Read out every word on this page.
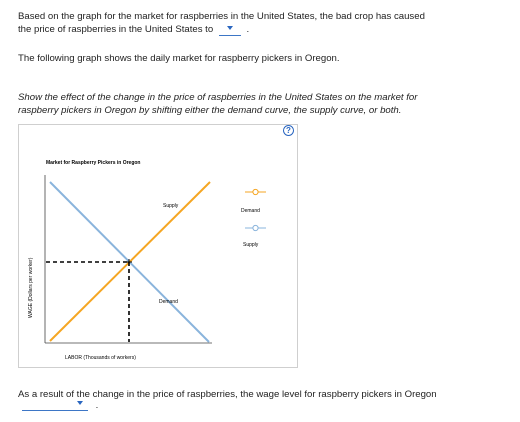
Based on the graph for the market for raspberries in the United States, the bad crop has caused
the price of raspberries in the United States to	.
The following graph shows the daily market for raspberry pickers in Oregon.
Show the effect of the change in the price of raspberries in the United States on the market for
raspberry pickers in Oregon by shifting either the demand curve, the supply curve, or both.
?
Market for Raspberry Pickers in Oregon
WAGE (Dollars per worker)
LABOR (Thousands of workers)
Supply
Demand
Demand
Supply
As a result of the change in the price of raspberries, the wage level for raspberry pickers in Oregon
.
